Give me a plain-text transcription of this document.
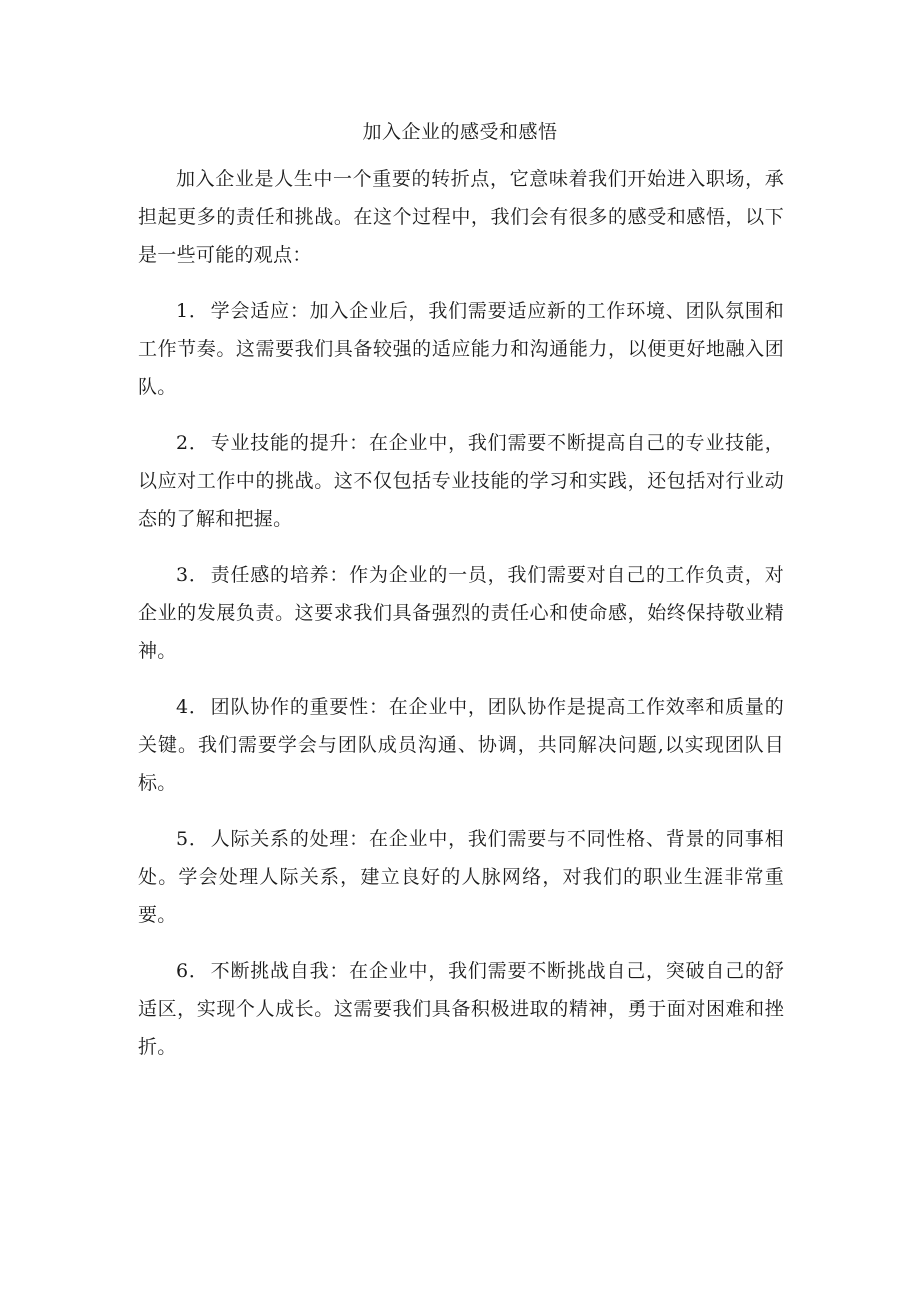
加入企业的感受和感悟

加入企业是人生中一个重要的转折点，它意味着我们开始进入职场，承担起更多的责任和挑战。在这个过程中，我们会有很多的感受和感悟，以下是一些可能的观点：

1． 学会适应：加入企业后，我们需要适应新的工作环境、团队氛围和工作节奏。这需要我们具备较强的适应能力和沟通能力，以便更好地融入团队。

2． 专业技能的提升：在企业中，我们需要不断提高自己的专业技能，以应对工作中的挑战。这不仅包括专业技能的学习和实践，还包括对行业动态的了解和把握。

3． 责任感的培养：作为企业的一员，我们需要对自己的工作负责，对企业的发展负责。这要求我们具备强烈的责任心和使命感，始终保持敬业精神。

4． 团队协作的重要性：在企业中，团队协作是提高工作效率和质量的关键。我们需要学会与团队成员沟通、协调，共同解决问题,以实现团队目标。

5． 人际关系的处理：在企业中，我们需要与不同性格、背景的同事相处。学会处理人际关系，建立良好的人脉网络，对我们的职业生涯非常重要。

6． 不断挑战自我：在企业中，我们需要不断挑战自己，突破自己的舒适区，实现个人成长。这需要我们具备积极进取的精神，勇于面对困难和挫折。
